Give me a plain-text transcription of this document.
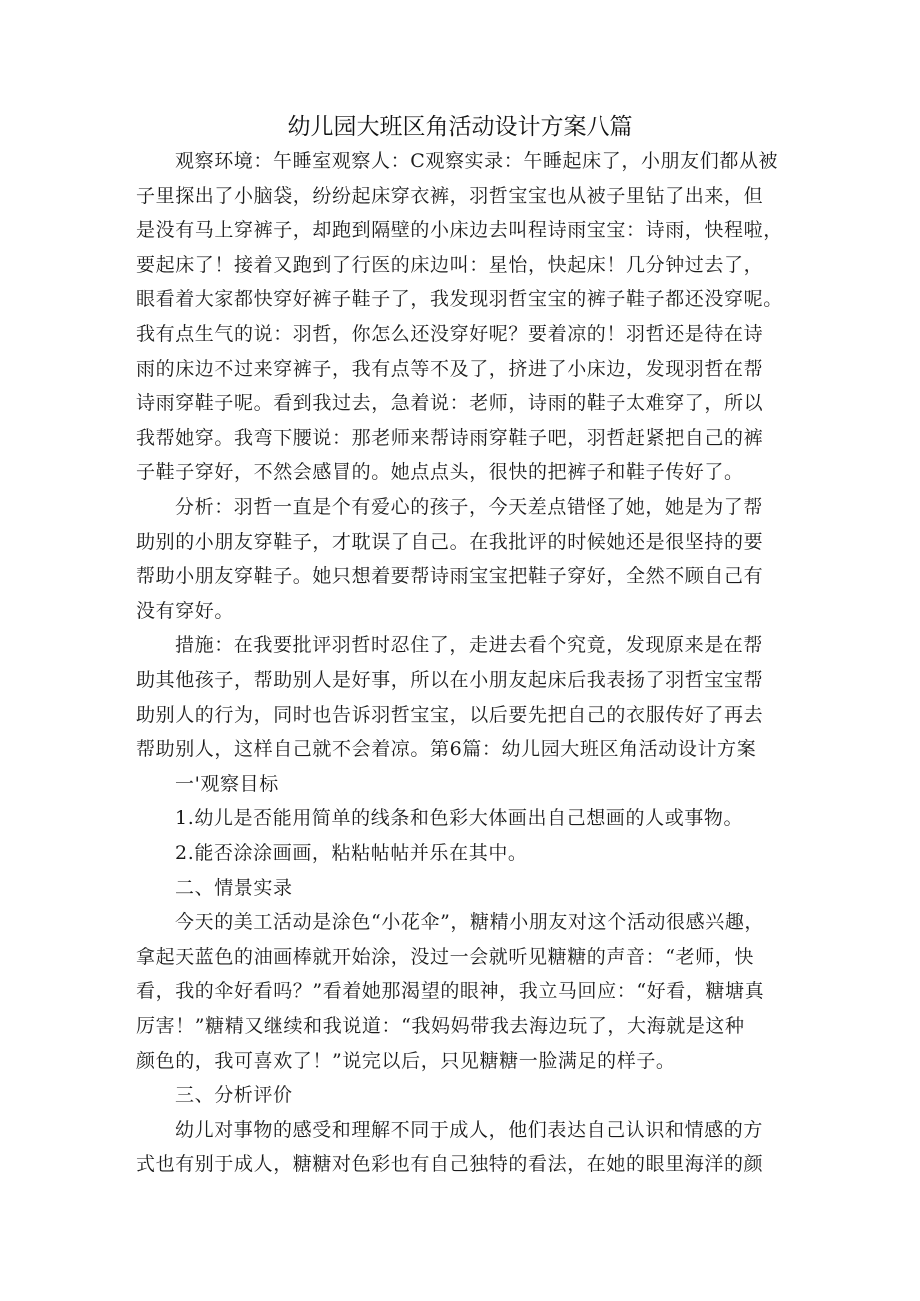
幼儿园大班区角活动设计方案八篇
观察环境：午睡室观察人：C观察实录：午睡起床了，小朋友们都从被
子里探出了小脑袋，纷纷起床穿衣裤，羽哲宝宝也从被子里钻了出来，但
是没有马上穿裤子，却跑到隔壁的小床边去叫程诗雨宝宝：诗雨，快程啦，
要起床了！接着又跑到了行医的床边叫：星怡，快起床！几分钟过去了，
眼看着大家都快穿好裤子鞋子了，我发现羽哲宝宝的裤子鞋子都还没穿呢。
我有点生气的说：羽哲，你怎么还没穿好呢？要着凉的！羽哲还是待在诗
雨的床边不过来穿裤子，我有点等不及了，挤进了小床边，发现羽哲在帮
诗雨穿鞋子呢。看到我过去，急着说：老师，诗雨的鞋子太难穿了，所以
我帮她穿。我弯下腰说：那老师来帮诗雨穿鞋子吧，羽哲赶紧把自己的裤
子鞋子穿好，不然会感冒的。她点点头，很快的把裤子和鞋子传好了。
分析：羽哲一直是个有爱心的孩子，今天差点错怪了她，她是为了帮
助别的小朋友穿鞋子，才耽误了自己。在我批评的时候她还是很坚持的要
帮助小朋友穿鞋子。她只想着要帮诗雨宝宝把鞋子穿好，全然不顾自己有
没有穿好。
措施：在我要批评羽哲时忍住了，走进去看个究竟，发现原来是在帮
助其他孩子，帮助别人是好事，所以在小朋友起床后我表扬了羽哲宝宝帮
助别人的行为，同时也告诉羽哲宝宝，以后要先把自己的衣服传好了再去
帮助别人，这样自己就不会着凉。第6篇：幼儿园大班区角活动设计方案
一'观察目标
1.幼儿是否能用简单的线条和色彩大体画出自己想画的人或事物。
2.能否涂涂画画，粘粘帖帖并乐在其中。
二、情景实录
今天的美工活动是涂色“小花伞”，糖精小朋友对这个活动很感兴趣，
拿起天蓝色的油画棒就开始涂，没过一会就听见糖糖的声音：“老师，快
看，我的伞好看吗？”看着她那渴望的眼神，我立马回应：“好看，糖塘真
厉害！”糖精又继续和我说道：“我妈妈带我去海边玩了，大海就是这种
颜色的，我可喜欢了！”说完以后，只见糖糖一脸满足的样子。
三、分析评价
幼儿对事物的感受和理解不同于成人，他们表达自己认识和情感的方
式也有别于成人，糖糖对色彩也有自己独特的看法，在她的眼里海洋的颜
